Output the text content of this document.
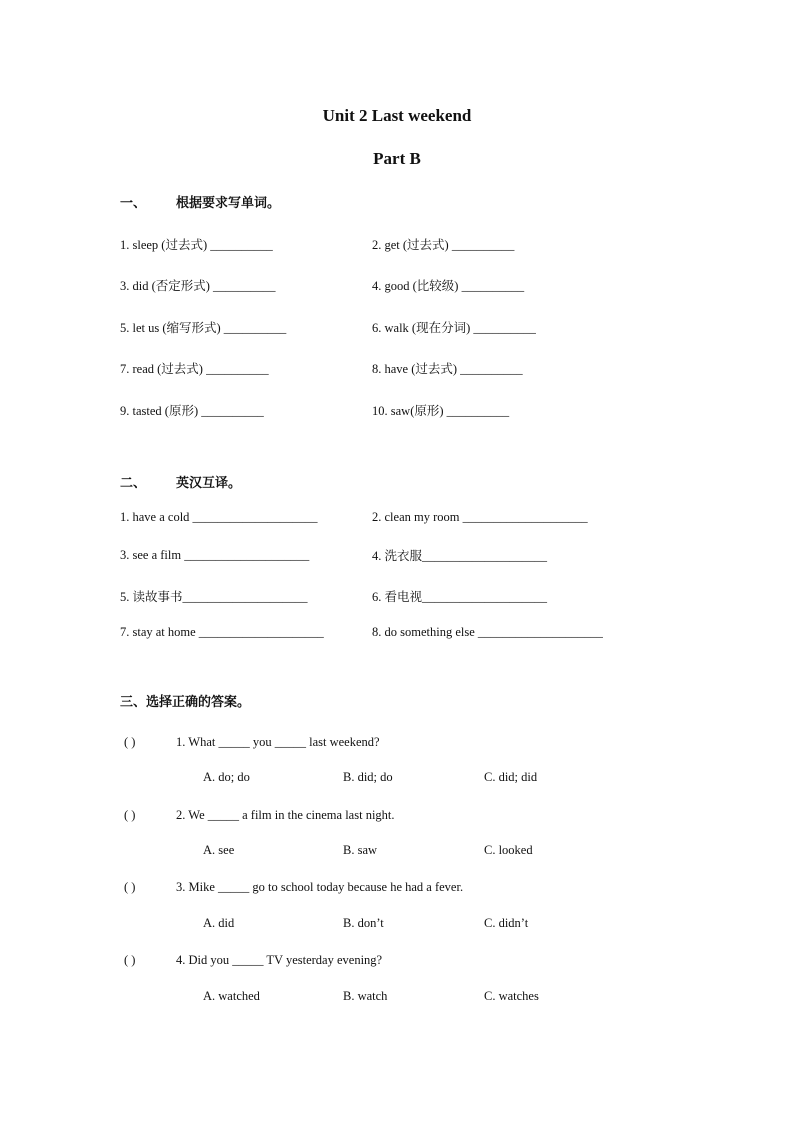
Unit 2 Last weekend
Part B
一、 根据要求写单词。
1. sleep (过去式) __________	2. get (过去式) __________
3. did (否定形式) __________	4. good (比较级) __________
5. let us (缩写形式) __________	6. walk (现在分词) __________
7. read (过去式) __________	8. have (过去式) __________
9. tasted (原形) __________	10. saw(原形) __________
二、 英汉互译。
1. have a cold ____________________	2. clean my room ____________________
3. see a film ____________________	4. 洗衣服____________________
5. 读故事书____________________	6. 看电视____________________
7. stay at home ____________________	8. do something else ____________________
三、选择正确的答案。
( )	1. What _____ you _____ last weekend?
A. do; do	B. did; do	C. did; did
( )	2. We _____ a film in the cinema last night.
A. see	B. saw	C. looked
( )	3. Mike _____ go to school today because he had a fever.
A. did	B. don’t	C. didn’t
( )	4. Did you _____ TV yesterday evening?
A. watched	B. watch	C. watches
